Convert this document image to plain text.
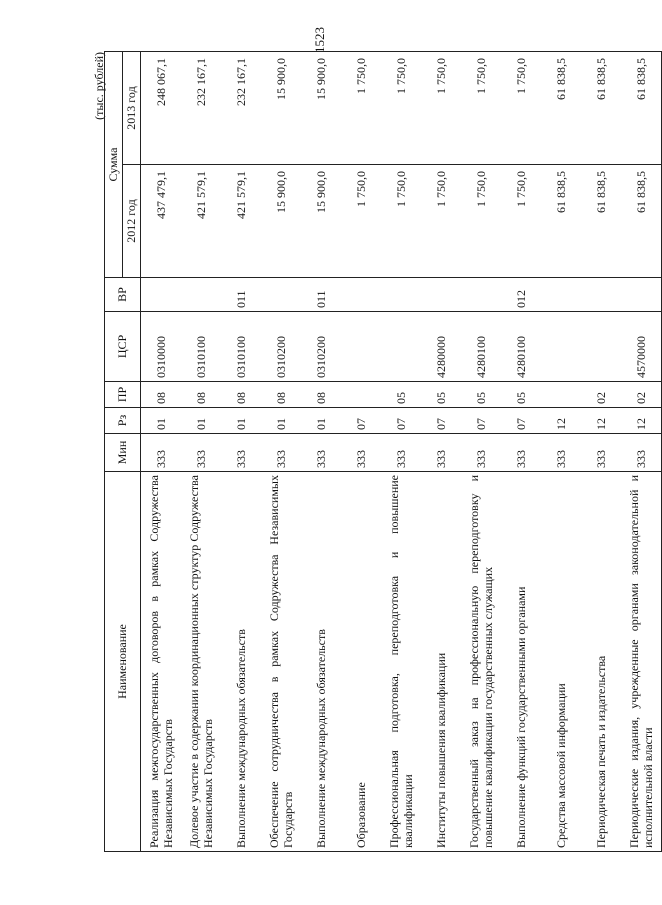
1523
(тыс. рублей)
Наименование	Мин	Рз	ПР	ЦСР	ВР	Сумма	
						2012 год	2013 год
Реализация межгосударственных договоров в рамках Содружества Независимых Государств	333	01	08	0310000		437 479,1	248 067,1
Долевое участие в содержании координационных структур Содружества Независимых Государств	333	01	08	0310100		421 579,1	232 167,1
Выполнение международных обязательств	333	01	08	0310100	011	421 579,1	232 167,1
Обеспечение сотрудничества в рамках Содружества Независимых Государств	333	01	08	0310200		15 900,0	15 900,0
Выполнение международных обязательств	333	01	08	0310200	011	15 900,0	15 900,0
Образование	333	07				1 750,0	1 750,0
Профессиональная подготовка, переподготовка и повышение квалификации	333	07	05			1 750,0	1 750,0
Институты повышения квалификации	333	07	05	4280000		1 750,0	1 750,0
Государственный заказ на профессиональную переподготовку и повышение квалификации государственных служащих	333	07	05	4280100		1 750,0	1 750,0
Выполнение функций государственными органами	333	07	05	4280100	012	1 750,0	1 750,0
Средства массовой информации	333	12				61 838,5	61 838,5
Периодическая печать и издательства	333	12	02			61 838,5	61 838,5
Периодические издания, учрежденные органами законодательной и исполнительной власти	333	12	02	4570000		61 838,5	61 838,5
